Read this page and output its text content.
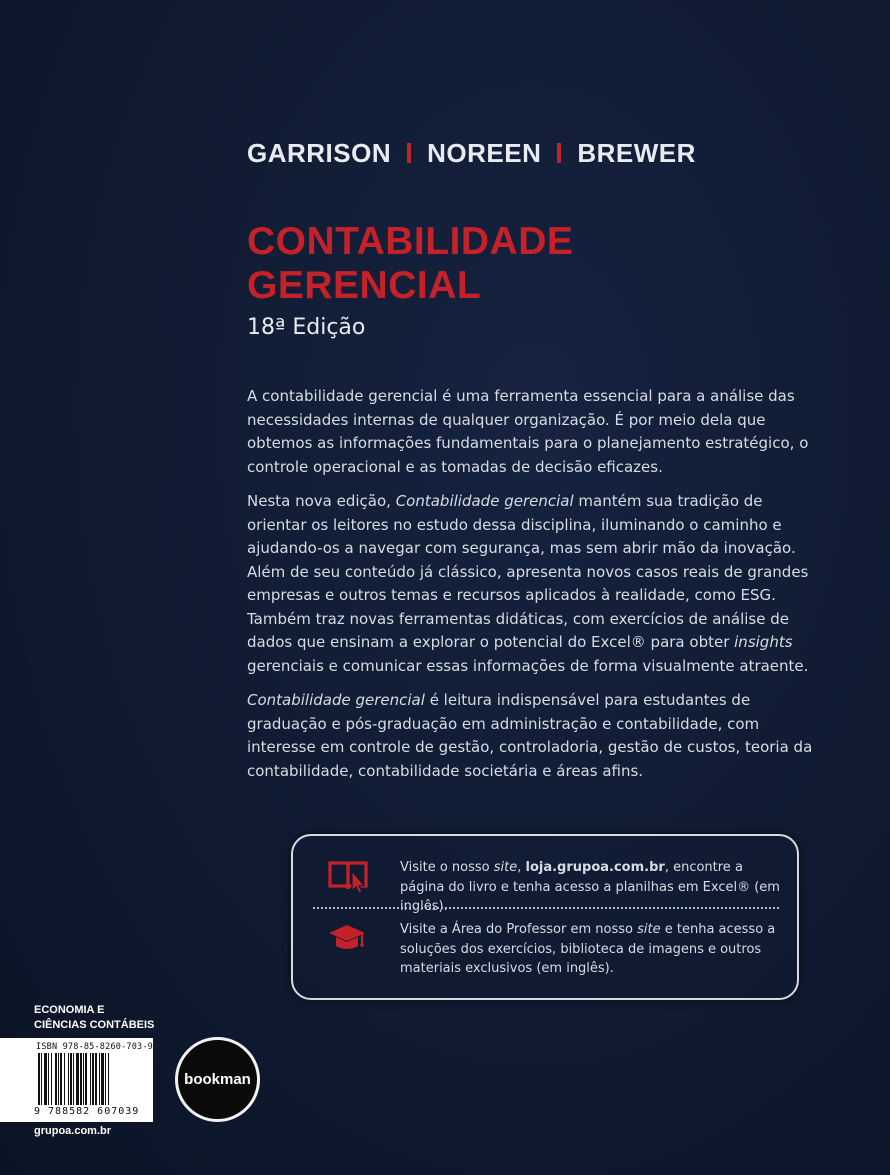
GARRISON NOREEN BREWER
CONTABILIDADE
GERENCIAL
18ª Edição

A contabilidade gerencial é uma ferramenta essencial para a análise das necessidades internas de qualquer organização. É por meio dela que obtemos as informações fundamentais para o planejamento estratégico, o controle operacional e as tomadas de decisão eficazes.

Nesta nova edição, Contabilidade gerencial mantém sua tradição de orientar os leitores no estudo dessa disciplina, iluminando o caminho e ajudando-os a navegar com segurança, mas sem abrir mão da inovação. Além de seu conteúdo já clássico, apresenta novos casos reais de grandes empresas e outros temas e recursos aplicados à realidade, como ESG. Também traz novas ferramentas didáticas, com exercícios de análise de dados que ensinam a explorar o potencial do Excel® para obter insights gerenciais e comunicar essas informações de forma visualmente atraente.

Contabilidade gerencial é leitura indispensável para estudantes de graduação e pós-graduação em administração e contabilidade, com interesse em controle de gestão, controladoria, gestão de custos, teoria da contabilidade, contabilidade societária e áreas afins.

Visite o nosso site, loja.grupoa.com.br, encontre a página do livro e tenha acesso a planilhas em Excel® (em inglês).
Visite a Área do Professor em nosso site e tenha acesso a soluções dos exercícios, biblioteca de imagens e outros materiais exclusivos (em inglês).
ECONOMIA E
CIÊNCIAS CONTÁBEIS
ISBN 978-85-8260-703-9
9 788582 607039
bookman
grupoa.com.br
